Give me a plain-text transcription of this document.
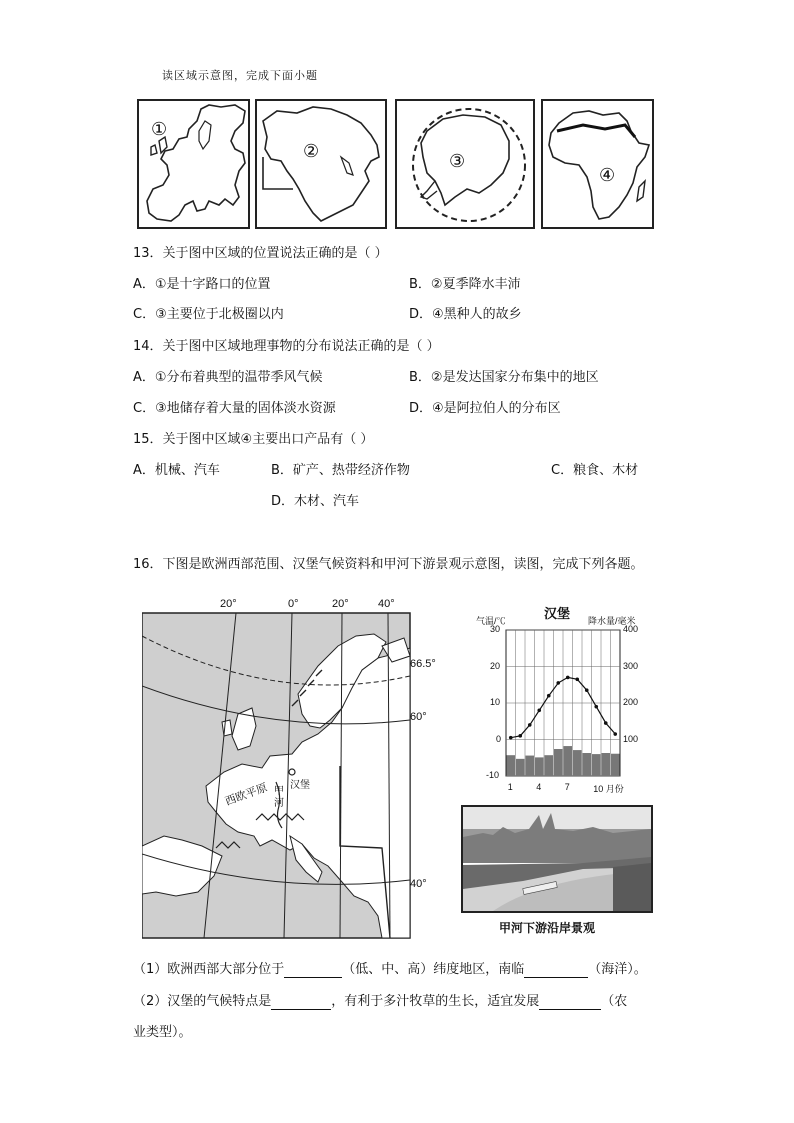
读区域示意图，完成下面小题
①
②	③
④
13．关于图中区域的位置说法正确的是（ ）
A．①是十字路口的位置	B．②夏季降水丰沛
C．③主要位于北极圈以内	D．④黑种人的故乡
14．关于图中区域地理事物的分布说法正确的是（ ）
A．①分布着典型的温带季风气候	B．②是发达国家分布集中的地区
C．③地储存着大量的固体淡水资源	D．④是阿拉伯人的分布区
15．关于图中区域④主要出口产品有（ ）
A．机械、汽车	B．矿产、热带经济作物	C．粮食、木材
D．木材、汽车
16．下图是欧洲西部范围、汉堡气候资料和甲河下游景观示意图，读图，完成下列各题。
20°	0°	20°	40°
66.5°
60°
40°
汉堡
西欧平原 甲河
汉堡
气温/℃	降水量/毫米
-10
0
10
20
30
100
200
300
400
1	4	7	10 月份
甲河下游沿岸景观
（1）欧洲西部大部分位于	（低、中、高）纬度地区，南临	（海洋）。
（2）汉堡的气候特点是	，有利于多汁牧草的生长，适宜发展	（农
业类型）。
